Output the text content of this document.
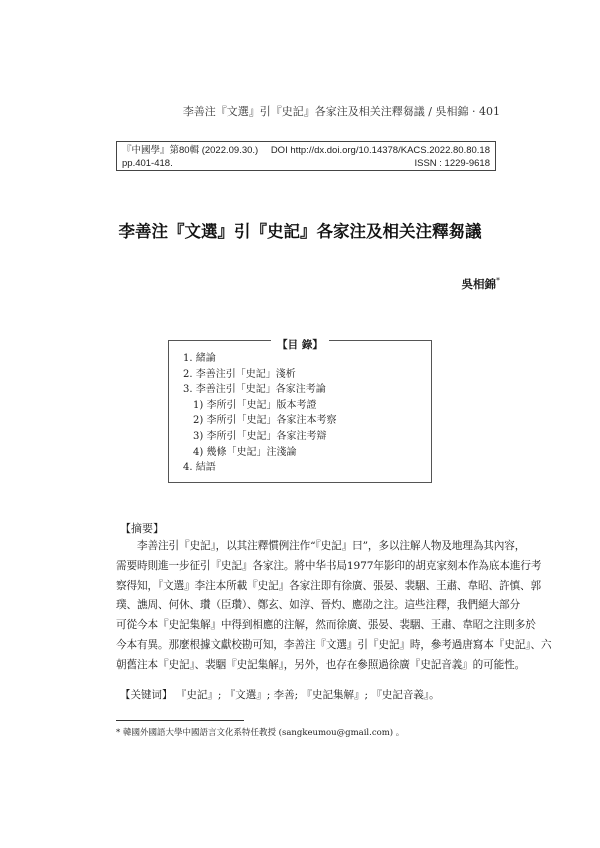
李善注『文選』引『史記』各家注及相关注釋芻議 / 吳相錦 · 401
『中國學』第80輯 (2022.09.30.) DOI http://dx.doi.org/10.14378/KACS.2022.80.80.18
pp.401-418.	ISSN : 1229-9618
李善注『文選』引『史記』各家注及相关注釋芻議
吳相錦*
【目 錄】
1. 緒論
2. 李善注引「史記」淺析
3. 李善注引「史記」各家注考論
1) 李所引「史記」版本考證
2) 李所引「史記」各家注本考察
3) 李所引「史記」各家注考辯
4) 幾條「史記」注淺論
4. 結語
【摘要】
　　李善注引『史記』，以其注釋慣例注作“『史記』曰”，多以注解人物及地理為其內容，
需要時則進一步征引『史記』各家注。將中华书局1977年影印的胡克家刻本作為底本進行考
察得知，『文選』李注本所載『史記』各家注即有徐廣、張晏、裴駰、王肅、韋昭、許慎、郭
璞、譙周、何休、瓚（臣瓚）、鄭玄、如淳、晉灼、應劭之注。這些注釋，我們絕大部分
可從今本『史記集解』中得到相應的注解，然而徐廣、張晏、裴駰、王肅、韋昭之注則多於
今本有異。那麼根據文獻校勘可知，李善注『文選』引『史記』時，參考過唐寫本『史記』、六
朝舊注本『史記』、裴駰『史記集解』，另外，也存在參照過徐廣『史記音義』的可能性。
【关键词】 『史記』; 『文選』; 李善; 『史記集解』; 『史記音義』。
* 韓國外國語大學中國語言文化系特任教授 (sangkeumou@gmail.com) 。
